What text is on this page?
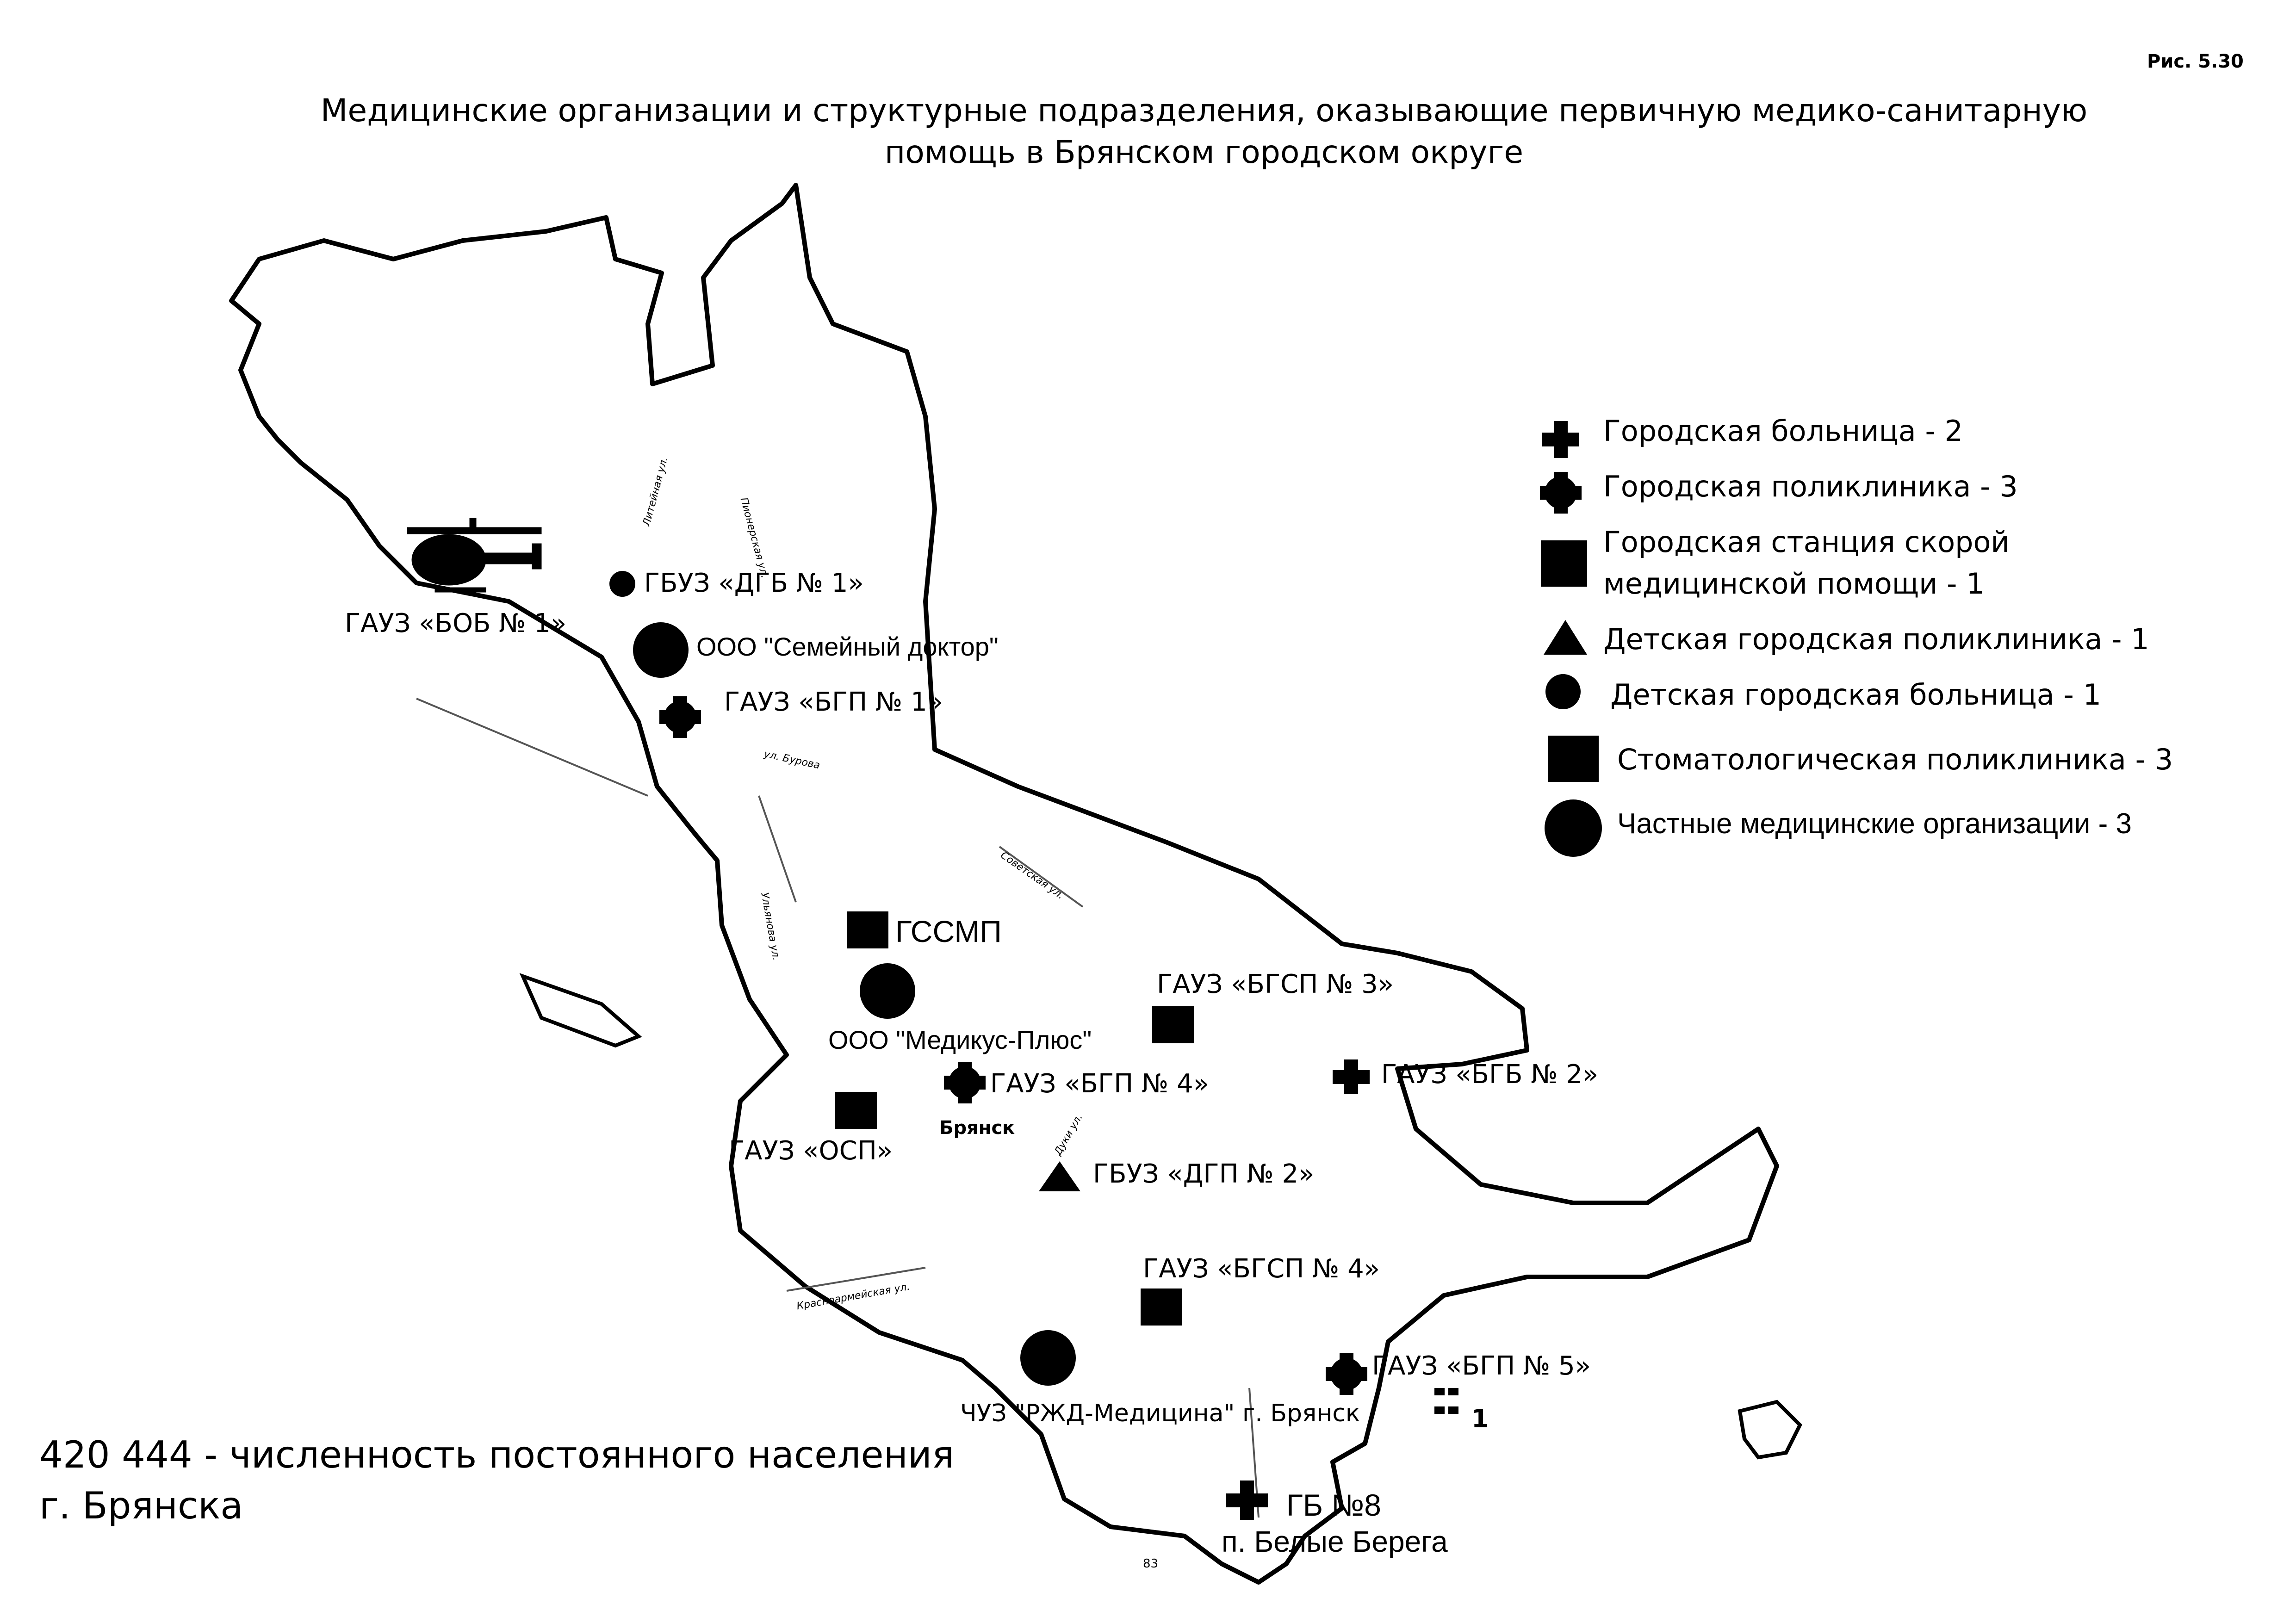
Рис. 5.30
Медицинские организации и структурные подразделения, оказывающие первичную медико-санитарную
помощь в Брянском городском округе
ГАУЗ «БОБ № 1»
ГБУЗ «ДГБ № 1»
ООО "Семейный доктор"
ГАУЗ «БГП № 1»
ГССМП
ООО "Медикус-Плюс"
ГАУЗ «БГСП № 3»
ГАУЗ «БГБ № 2»
ГАУЗ «БГП № 4»
Брянск
ГАУЗ «ОСП»
ГБУЗ «ДГП № 2»
ГАУЗ «БГСП № 4»
ГАУЗ «БГП № 5»
ЧУЗ "РЖД-Медицина" г. Брянск	1
ГБ №8
п. Белые Берега
ул. Бурова
Литейная ул.
Пионерская ул.
Красноармейская ул.
Ульянова ул.
Советская ул.
Дуки ул.
Городская больница - 2
Городская поликлиника - 3
Городская станция скорой
медицинской помощи - 1
Детская городская поликлиника - 1
Детская городская больница - 1
Стоматологическая поликлиника - 3
Частные медицинские организации - 3
420 444 - численность постоянного населения
г. Брянска
83
